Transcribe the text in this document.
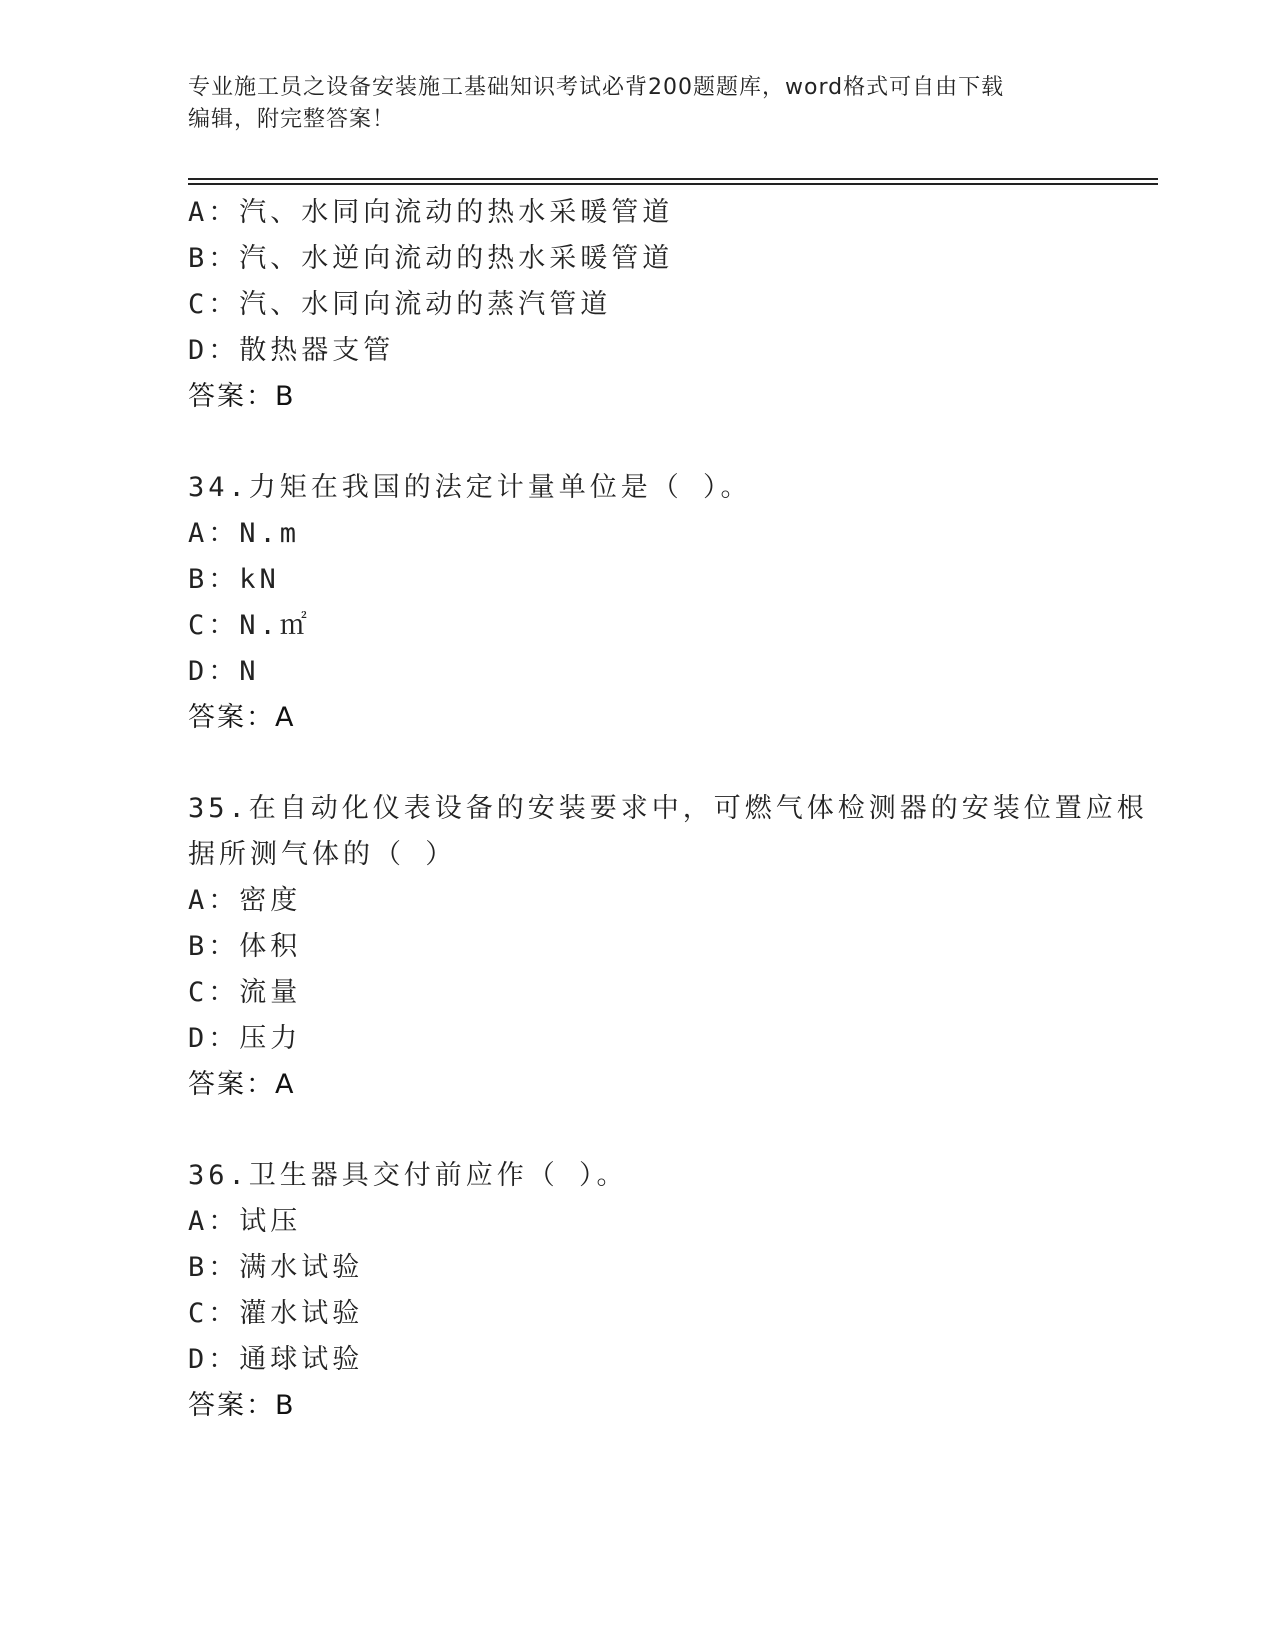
专业施工员之设备安装施工基础知识考试必背200题题库，word格式可自由下载
编辑，附完整答案！
A：汽、水同向流动的热水采暖管道
B：汽、水逆向流动的热水采暖管道
C：汽、水同向流动的蒸汽管道
D：散热器支管
答案：B
34.力矩在我国的法定计量单位是（ ）。
A：N.m
B：kN
C：N.㎡
D：N
答案：A
35.在自动化仪表设备的安装要求中，可燃气体检测器的安装位置应根
据所测气体的（ ）
A：密度
B：体积
C：流量
D：压力
答案：A
36.卫生器具交付前应作（ ）。
A：试压
B：满水试验
C：灌水试验
D：通球试验
答案：B
